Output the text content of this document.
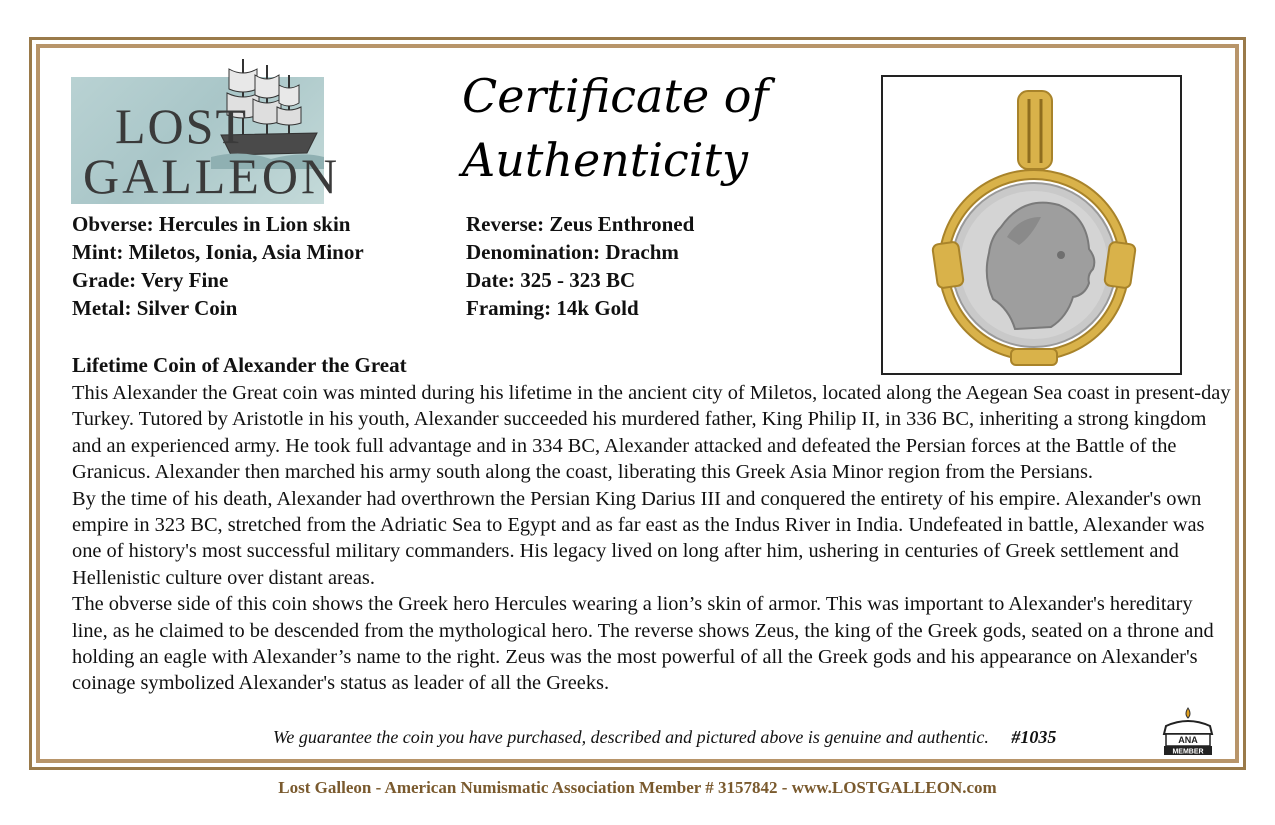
LOST
GALLEON
Certificate of
Authenticity
Obverse: Hercules in Lion skin
Mint: Miletos, Ionia, Asia Minor
Grade: Very Fine
Metal: Silver Coin
Reverse: Zeus Enthroned
Denomination: Drachm
Date: 325 - 323 BC
Framing: 14k Gold
Lifetime Coin of Alexander the Great

This Alexander the Great coin was minted during his lifetime in the ancient city of Miletos, located along the Aegean Sea coast in present-day Turkey. Tutored by Aristotle in his youth, Alexander succeeded his murdered father, King Philip II, in 336 BC, inheriting a strong kingdom and an experienced army. He took full advantage and in 334 BC, Alexander attacked and defeated the Persian forces at the Battle of the Granicus. Alexander then marched his army south along the coast, liberating this Greek Asia Minor region from the Persians.

By the time of his death, Alexander had overthrown the Persian King Darius III and conquered the entirety of his empire. Alexander's own empire in 323 BC, stretched from the Adriatic Sea to Egypt and as far east as the Indus River in India. Undefeated in battle, Alexander was one of history's most successful military commanders. His legacy lived on long after him, ushering in centuries of Greek settlement and Hellenistic culture over distant areas.

The obverse side of this coin shows the Greek hero Hercules wearing a lion’s skin of armor. This was important to Alexander's hereditary line, as he claimed to be descended from the mythological hero. The reverse shows Zeus, the king of the Greek gods, seated on a throne and holding an eagle with Alexander’s name to the right. Zeus was the most powerful of all the Greek gods and his appearance on Alexander's coinage symbolized Alexander's status as leader of all the Greeks.

We guarantee the coin you have purchased, described and pictured above is genuine and authentic. #1035	ANA
MEMBER
Lost Galleon - American Numismatic Association Member # 3157842 - www.LOSTGALLEON.com
